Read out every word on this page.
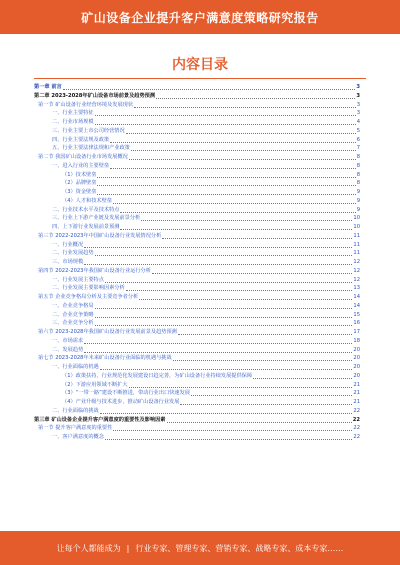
矿山设备企业提升客户满意度策略研究报告
内容目录
第一章 前言	3
第二章 2023-2028年矿山设备市场前景及趋势预测	3
第一节 矿山设备行业经营环境及发展现状	3
一、行业主要特征	3
二、行业市场规模	4
三、行业主要上市公司经营情况	5
四、行业主要法规及政策	6
五、行业主要法律法规和产业政策	7
第二节 我国矿山设备行业市场发展概况	8
一、进入行业的主要壁垒	8
（1）技术壁垒	8
（2）品牌壁垒	8
（3）资金壁垒	9
（4）人才和技术壁垒	9
二、行业技术水平及技术特点	9
三、行业上下游产业链及发展前景分析	10
四、上下游行业发展前景预测	10
第三节 2022-2023年中国矿山设备行业发展情况分析	11
一、行业概况	11
二、行业发展趋势	11
三、市场规模	12
第四节 2022-2023年我国矿山设备行业运行分析	12
一、行业发展主要特点	12
二、行业发展主要影响因素分析	13
第五节 企业竞争格局分析及主要竞争者分析	14
一、企业竞争格局	14
二、企业竞争策略	15
三、企业竞争分析	16
第六节 2023-2028年我国矿山设备行业发展前景及趋势预测	17
一、市场需求	18
二、发展趋势	20
第七节 2023-2028年未来矿山设备行业面临的机遇与挑战	20
一、行业面临的机遇	20
（1）政策扶持，行业规范化发展建设日趋完善，为矿山设备行业持续发展提供保障	20
（2）下游应用领域不断扩大	21
（3）“一带一路”建设不断推进，带动行业出口快速发展	21
（4）产业升级与技术进步，推动矿山设备行业发展	21
二、行业面临的挑战	22
第三章 矿山设备企业提升客户满意度的重要性及影响因素	22
第一节 提升客户满意度的重要性	22
一、客户满意度的概念	22
让每个人都能成为 | 行业专家、管理专家、营销专家、战略专家、成本专家……
